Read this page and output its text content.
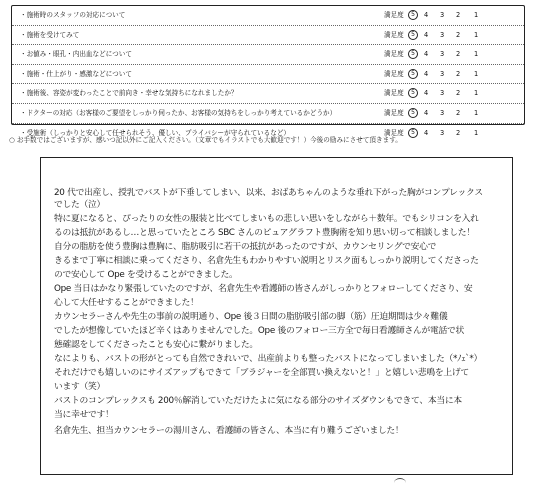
・施術時のスタッフの対応について	満足度	5	4 3 2 1
・施術を受けてみて	満足度	5	4 3 2 1
・お値み・眼孔・内出血などについて	満足度	5	4 3 2 1
・施術・仕上がり・感激などについて	満足度	5	4 3 2 1
・施術後、容姿が変わったことで前向き・幸せな気持ちになれましたか？	満足度	5	4 3 2 1
・ドクターの対応（お客様のご要望をしっかり伺ったか、お客様の気持ちをしっかり考えているかどうか）	満足度	5	4 3 2 1
・受施術（しっかりと安心して任せられそう、優しい、プライバシーが守られているなど）	満足度	5	4 3 2 1
○ お手数ではございますが、感いつ記以外にご記入ください。（文章でもイラストでも大歓迎です！）今後の励みにさせて頂きます。
20 代で出産し、授乳でバストが下垂してしまい、以来、おばあちゃんのような垂れ下がった胸がコンプレックス
でした（泣）
特に夏になると、ぴったりの女性の服装と比べてしまいもの悲しい思いをしながら＋数年。でもシリコンを入れ
るのは抵抗があるし…と思っていたところ SBC さんのピュアグラフト豊胸術を知り思い切って相談しました！
自分の脂肪を使う豊胸は豊胸に、脂肪吸引に若干の抵抗があったのですが、カウンセリングで安心で
きるまで丁寧に相談に乗ってくださり、名倉先生もわかりやすい説明とリスク面もしっかり説明してくださった
ので安心して Ope を受けることができました。
Ope 当日はかなり緊張していたのですが、名倉先生や看護師の皆さんがしっかりとフォローしてくださり、安
心して大任せすることができました！
カウンセラーさんや先生の事前の説明通り、Ope 後３日間の脂肪吸引部の脚（筋）圧迫期間は少々難儀
でしたが想像していたほど辛くはありませんでした。Ope 後のフォロー三方全で毎日看護師さんが電話で状
態確認をしてくださったことも安心に繋がりました。
なによりも、バストの形がとっても自然できれいで、出産前よりも整ったバストになってしまいました（*ﾉｪ`*）
それだけでも嬉しいのにサイズアップもできて「ブラジャーを全部買い換えないと！」と嬉しい悲鳴を上げて
います（笑）
バストのコンプレックスも 200％解消していただけたよに気になる部分のサイズダウンもできて、本当に本
当に幸せです！
名倉先生、担当カウンセラーの湯川さん、看護師の皆さん、本当に有り難うございました！
